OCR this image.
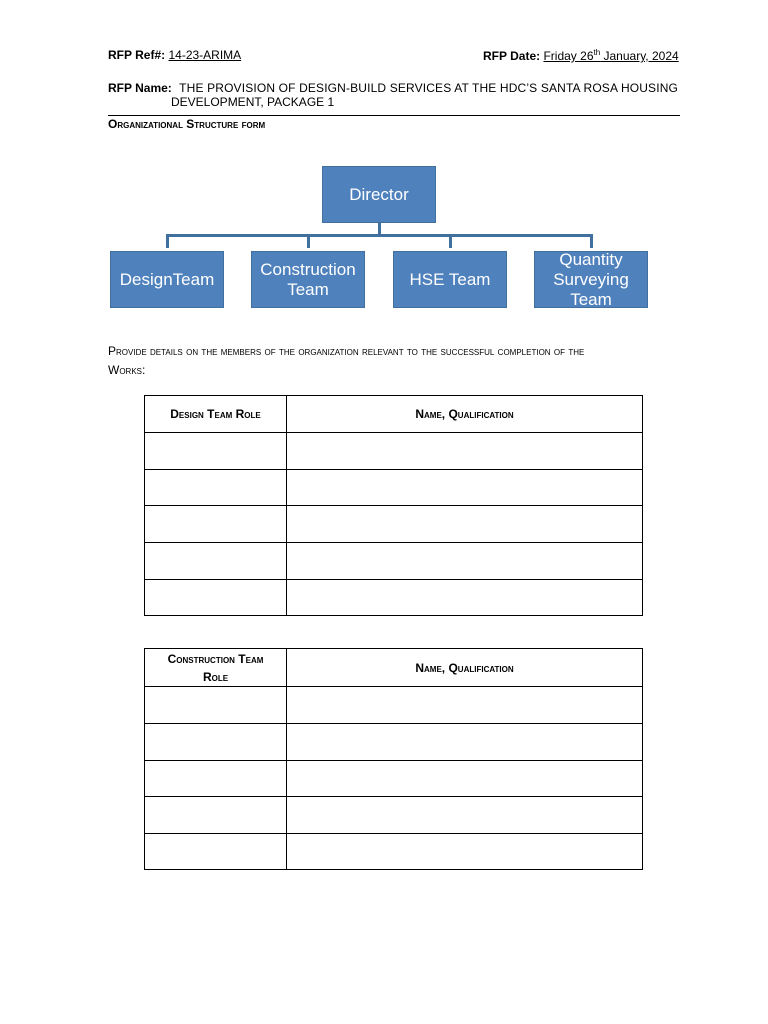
RFP Ref#: 14-23-ARIMA	RFP Date: Friday 26th January, 2024
RFP Name: THE PROVISION OF DESIGN-BUILD SERVICES AT THE HDC’S SANTA ROSA HOUSING
DEVELOPMENT, PACKAGE 1
Organizational Structure form
Director
DesignTeam
Construction Team
HSE Team
Quantity Surveying Team
Provide details on the members of the organization relevant to the successful completion of the
Works:
Design Team Role	Name, Qualification

Construction Team Role	Name, Qualification
